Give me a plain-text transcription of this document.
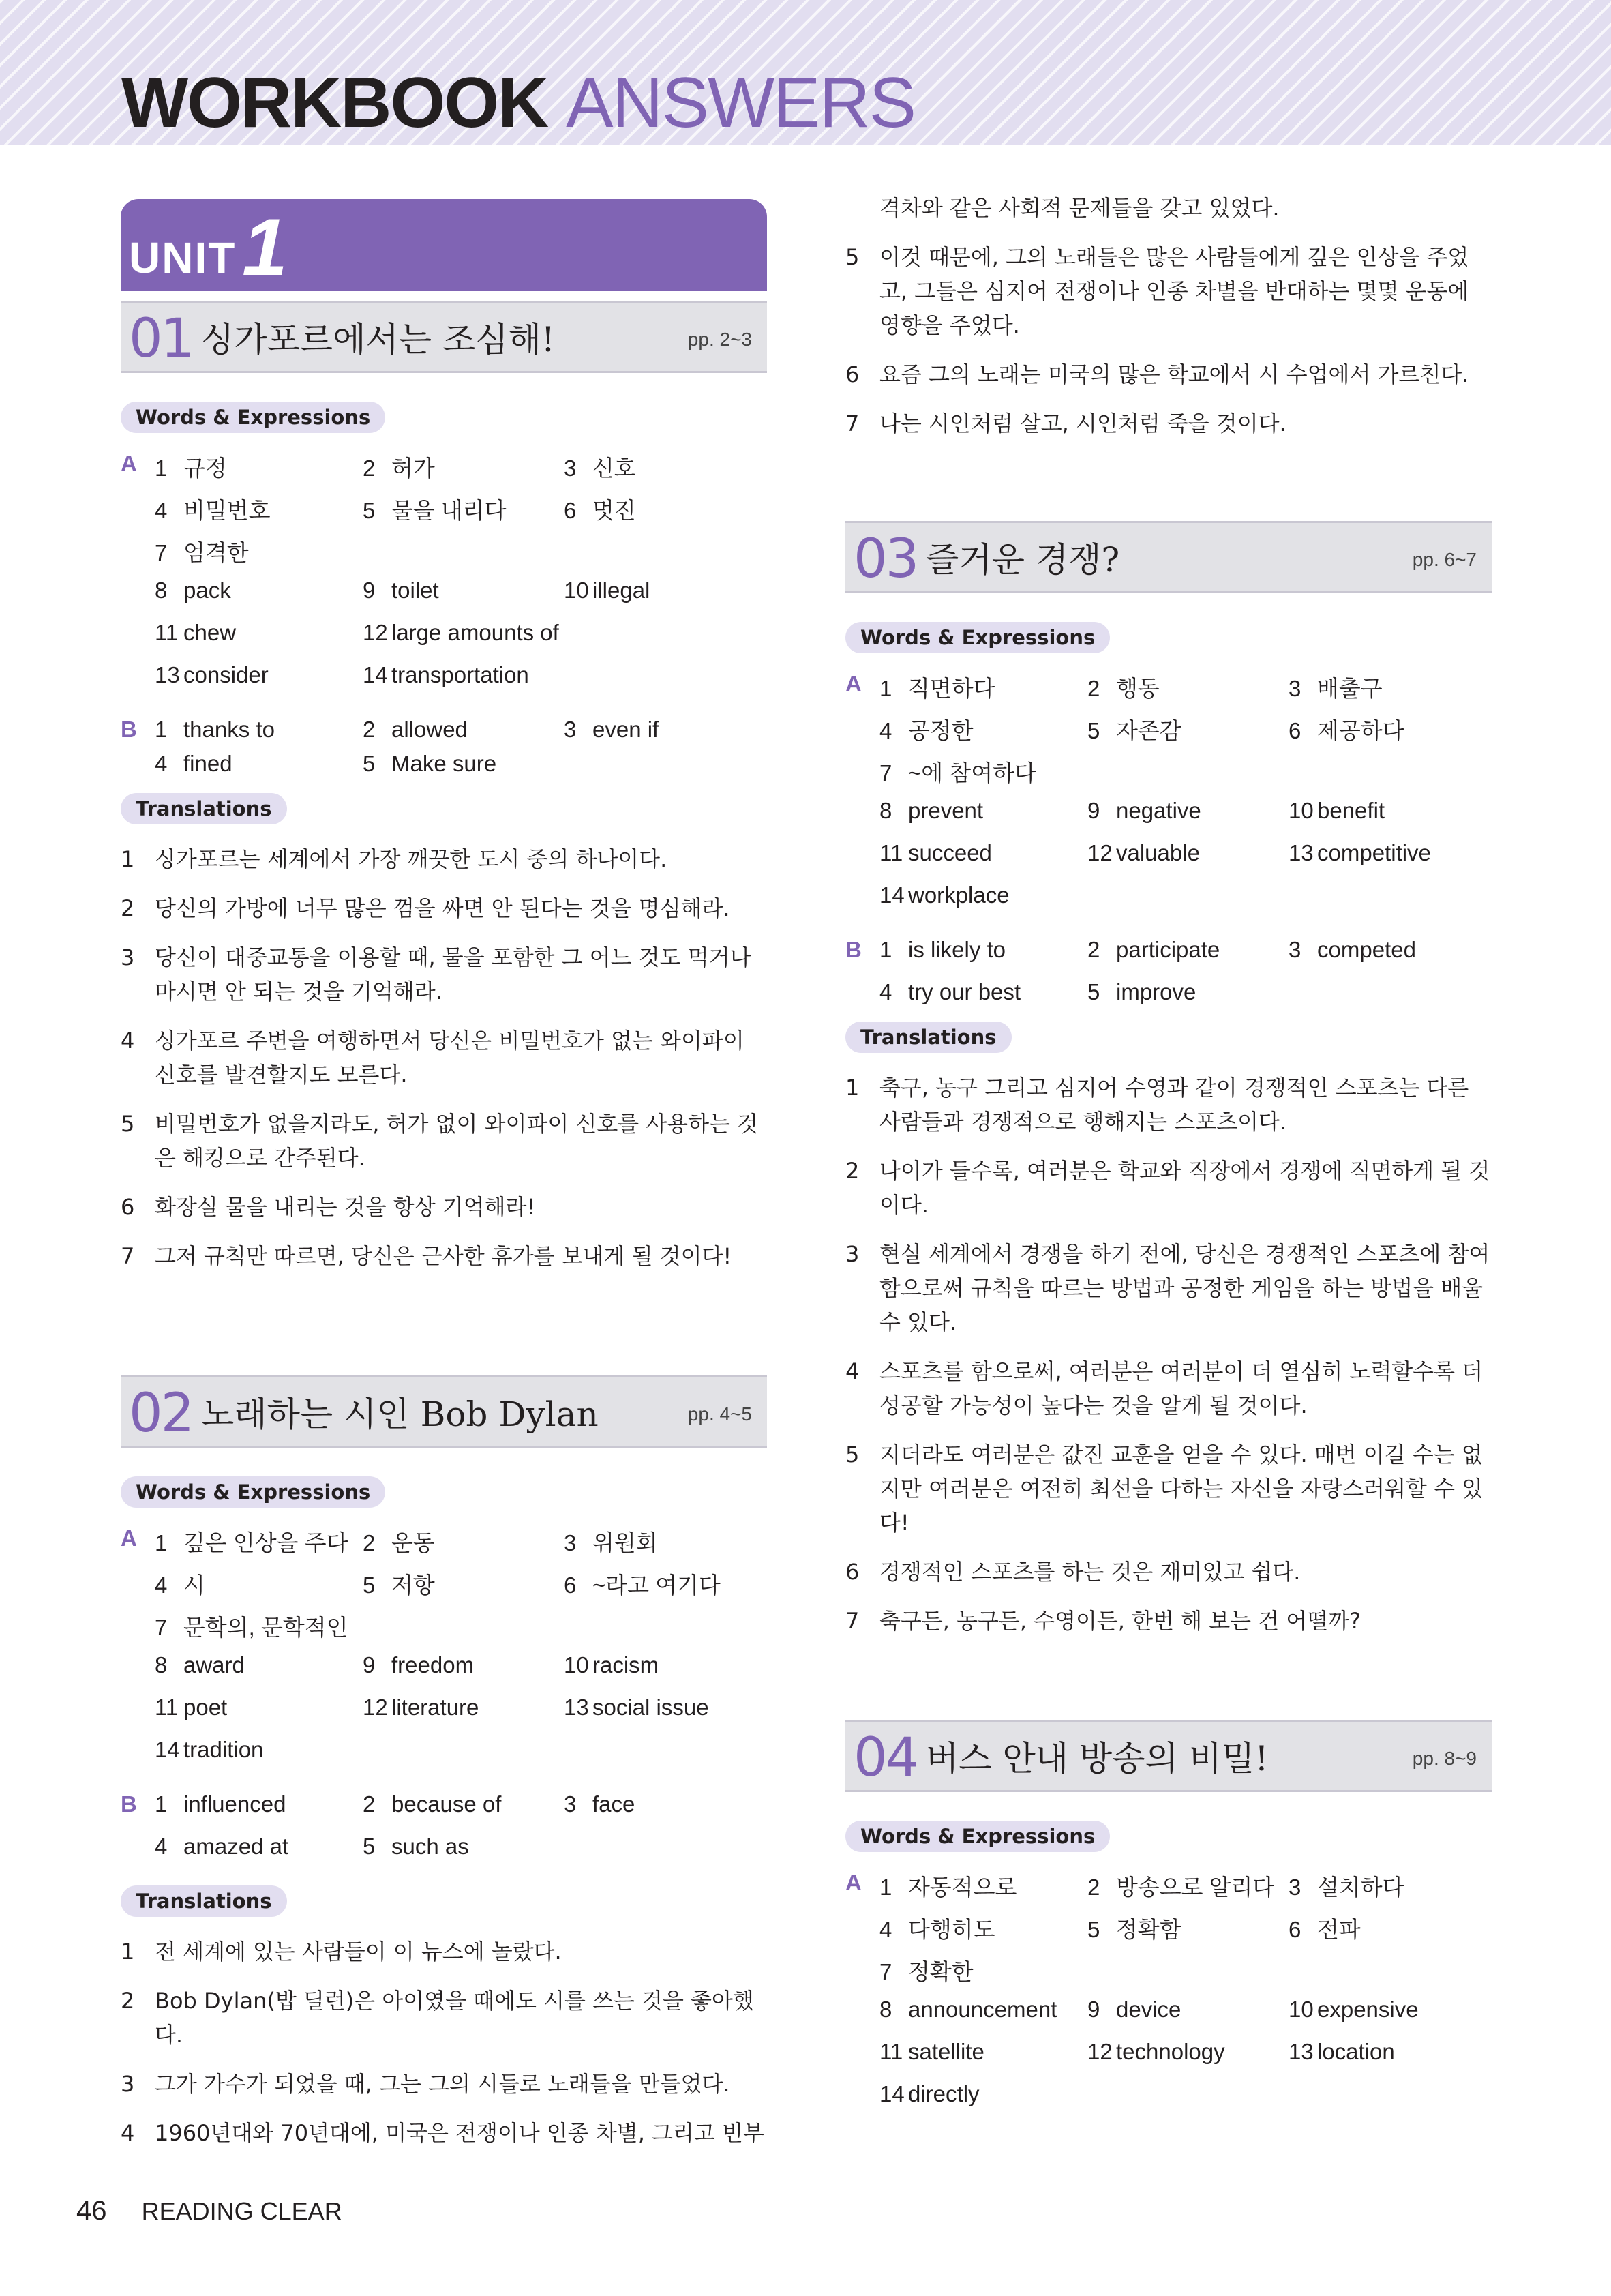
WORKBOOK ANSWERS
UNIT 1
01 싱가포르에서는 조심해!	pp. 2~3
Words & Expressions
A 1 규정	2 허가	3 신호
4 비밀번호	5 물을 내리다	6 멋진
7 엄격한
8 pack	9 toilet	10 illegal
11 chew	12 large amounts of
13 consider	14 transportation
B 1 thanks to	2 allowed	3 even if
4 fined	5 Make sure
Translations
1 싱가포르는 세계에서 가장 깨끗한 도시 중의 하나이다.
2 당신의 가방에 너무 많은 껌을 싸면 안 된다는 것을 명심해라.
3 당신이 대중교통을 이용할 때, 물을 포함한 그 어느 것도 먹거나 마시면 안 되는 것을 기억해라.
4 싱가포르 주변을 여행하면서 당신은 비밀번호가 없는 와이파이 신호를 발견할지도 모른다.
5 비밀번호가 없을지라도, 허가 없이 와이파이 신호를 사용하는 것은 해킹으로 간주된다.
6 화장실 물을 내리는 것을 항상 기억해라!
7 그저 규칙만 따르면, 당신은 근사한 휴가를 보내게 될 것이다!
02 노래하는 시인 Bob Dylan	pp. 4~5
Words & Expressions
A 1 깊은 인상을 주다 2 운동	3 위원회
4 시	5 저항	6 ~라고 여기다
7 문학의, 문학적인
8 award	9 freedom	10 racism
11 poet	12 literature	13 social issue
14 tradition
B 1 influenced	2 because of	3 face
4 amazed at	5 such as
Translations
1 전 세계에 있는 사람들이 이 뉴스에 놀랐다.
2 Bob Dylan(밥 딜런)은 아이였을 때에도 시를 쓰는 것을 좋아했다.
3 그가 가수가 되었을 때, 그는 그의 시들로 노래들을 만들었다.
4 1960년대와 70년대에, 미국은 전쟁이나 인종 차별, 그리고 빈부
격차와 같은 사회적 문제들을 갖고 있었다.
5 이것 때문에, 그의 노래들은 많은 사람들에게 깊은 인상을 주었고, 그들은 심지어 전쟁이나 인종 차별을 반대하는 몇몇 운동에 영향을 주었다.
6 요즘 그의 노래는 미국의 많은 학교에서 시 수업에서 가르친다.
7 나는 시인처럼 살고, 시인처럼 죽을 것이다.
03 즐거운 경쟁?	pp. 6~7
Words & Expressions
A 1 직면하다	2 행동	3 배출구
4 공정한	5 자존감	6 제공하다
7 ~에 참여하다
8 prevent	9 negative	10 benefit
11 succeed	12 valuable	13 competitive
14 workplace
B 1 is likely to	2 participate	3 competed
4 try our best	5 improve
Translations
1 축구, 농구 그리고 심지어 수영과 같이 경쟁적인 스포츠는 다른 사람들과 경쟁적으로 행해지는 스포츠이다.
2 나이가 들수록, 여러분은 학교와 직장에서 경쟁에 직면하게 될 것이다.
3 현실 세계에서 경쟁을 하기 전에, 당신은 경쟁적인 스포츠에 참여함으로써 규칙을 따르는 방법과 공정한 게임을 하는 방법을 배울 수 있다.
4 스포츠를 함으로써, 여러분은 여러분이 더 열심히 노력할수록 더 성공할 가능성이 높다는 것을 알게 될 것이다.
5 지더라도 여러분은 값진 교훈을 얻을 수 있다. 매번 이길 수는 없지만 여러분은 여전히 최선을 다하는 자신을 자랑스러워할 수 있다!
6 경쟁적인 스포츠를 하는 것은 재미있고 쉽다.
7 축구든, 농구든, 수영이든, 한번 해 보는 건 어떨까?
04 버스 안내 방송의 비밀!	pp. 8~9
Words & Expressions
A 1 자동적으로	2 방송으로 알리다 3 설치하다
4 다행히도	5 정확함	6 전파
7 정확한
8 announcement 9 device	10 expensive
11 satellite	12 technology	13 location
14 directly
46 READING CLEAR
